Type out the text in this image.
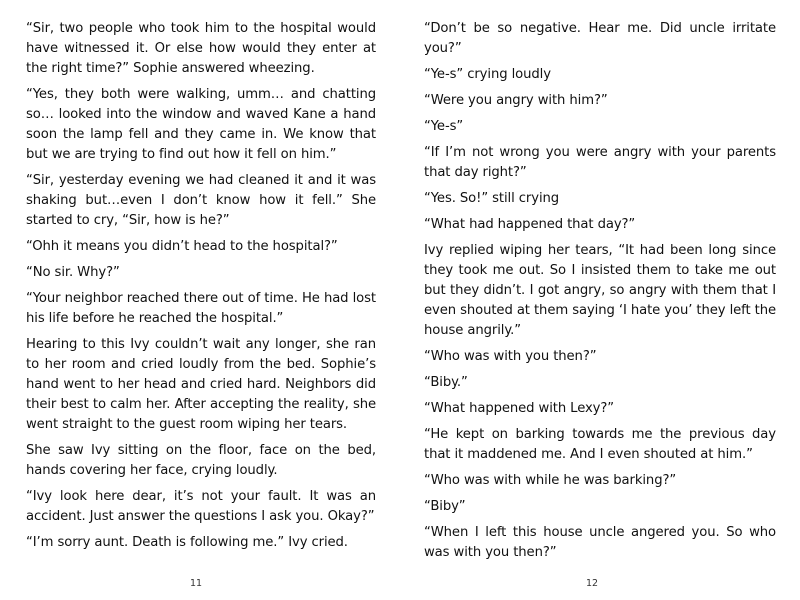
“Sir, two people who took him to the hospital would have witnessed it. Or else how would they enter at the right time?” Sophie answered wheezing.

“Yes, they both were walking, umm… and chatting so… looked into the window and waved Kane a hand soon the lamp fell and they came in. We know that but we are trying to find out how it fell on him.”

“Sir, yesterday evening we had cleaned it and it was shaking but…even I don’t know how it fell.” She started to cry, “Sir, how is he?”

“Ohh it means you didn’t head to the hospital?”

“No sir. Why?”

“Your neighbor reached there out of time. He had lost his life before he reached the hospital.”

Hearing to this Ivy couldn’t wait any longer, she ran to her room and cried loudly from the bed. Sophie’s hand went to her head and cried hard. Neighbors did their best to calm her. After accepting the reality, she went straight to the guest room wiping her tears.

She saw Ivy sitting on the floor, face on the bed, hands covering her face, crying loudly.

“Ivy look here dear, it’s not your fault. It was an accident. Just answer the questions I ask you. Okay?”

“I’m sorry aunt. Death is following me.” Ivy cried.

11

“Don’t be so negative. Hear me. Did uncle irritate you?”

“Ye-s” crying loudly

“Were you angry with him?”

“Ye-s”

“If I’m not wrong you were angry with your parents that day right?”

“Yes. So!” still crying

“What had happened that day?”

Ivy replied wiping her tears, “It had been long since they took me out. So I insisted them to take me out but they didn’t. I got angry, so angry with them that I even shouted at them saying ‘I hate you’ they left the house angrily.”

“Who was with you then?”

“Biby.”

“What happened with Lexy?”

“He kept on barking towards me the previous day that it maddened me. And I even shouted at him.”

“Who was with while he was barking?”

“Biby”

“When I left this house uncle angered you. So who was with you then?”

12
